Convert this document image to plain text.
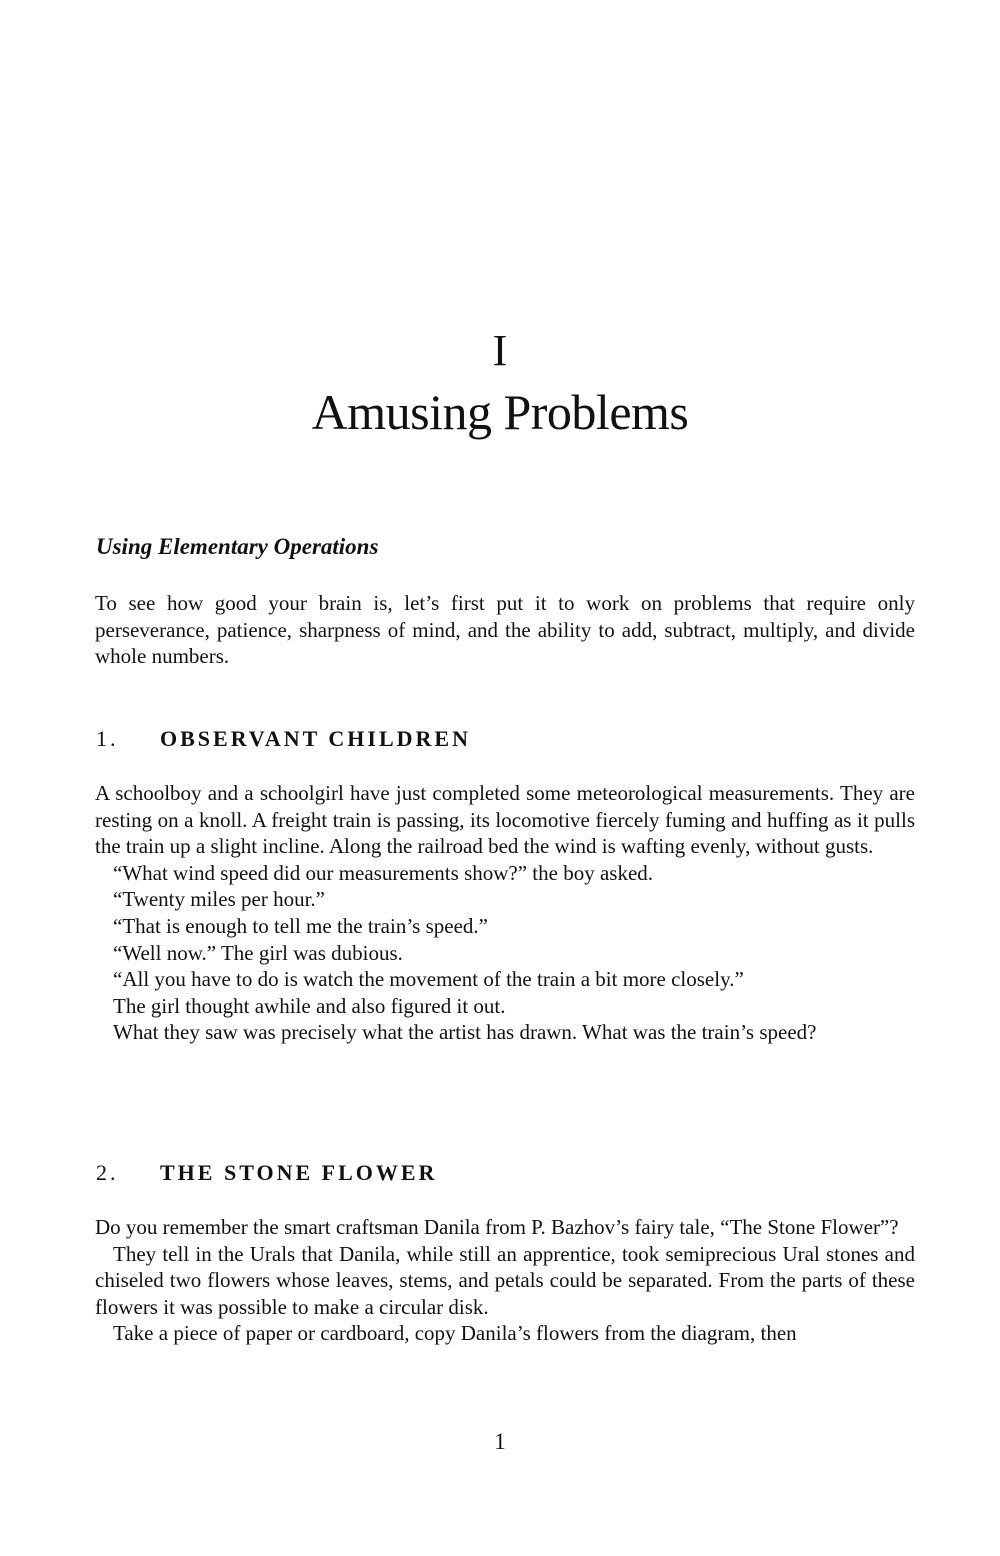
I
Amusing Problems
Using Elementary Operations

To see how good your brain is, let’s first put it to work on problems that require only perseverance, patience, sharpness of mind, and the ability to add, subtract, multiply, and divide whole numbers.

1. OBSERVANT CHILDREN

A schoolboy and a schoolgirl have just completed some meteorological measurements. They are resting on a knoll. A freight train is passing, its locomotive fiercely fuming and huffing as it pulls the train up a slight incline. Along the railroad bed the wind is wafting evenly, without gusts.

“What wind speed did our measurements show?” the boy asked.

“Twenty miles per hour.”

“That is enough to tell me the train’s speed.”

“Well now.” The girl was dubious.

“All you have to do is watch the movement of the train a bit more closely.”

The girl thought awhile and also figured it out.

What they saw was precisely what the artist has drawn. What was the train’s speed?

2. THE STONE FLOWER

Do you remember the smart craftsman Danila from P. Bazhov’s fairy tale, “The Stone Flower”?

They tell in the Urals that Danila, while still an apprentice, took semiprecious Ural stones and chiseled two flowers whose leaves, stems, and petals could be separated. From the parts of these flowers it was possible to make a circular disk.

Take a piece of paper or cardboard, copy Danila’s flowers from the diagram, then

1
